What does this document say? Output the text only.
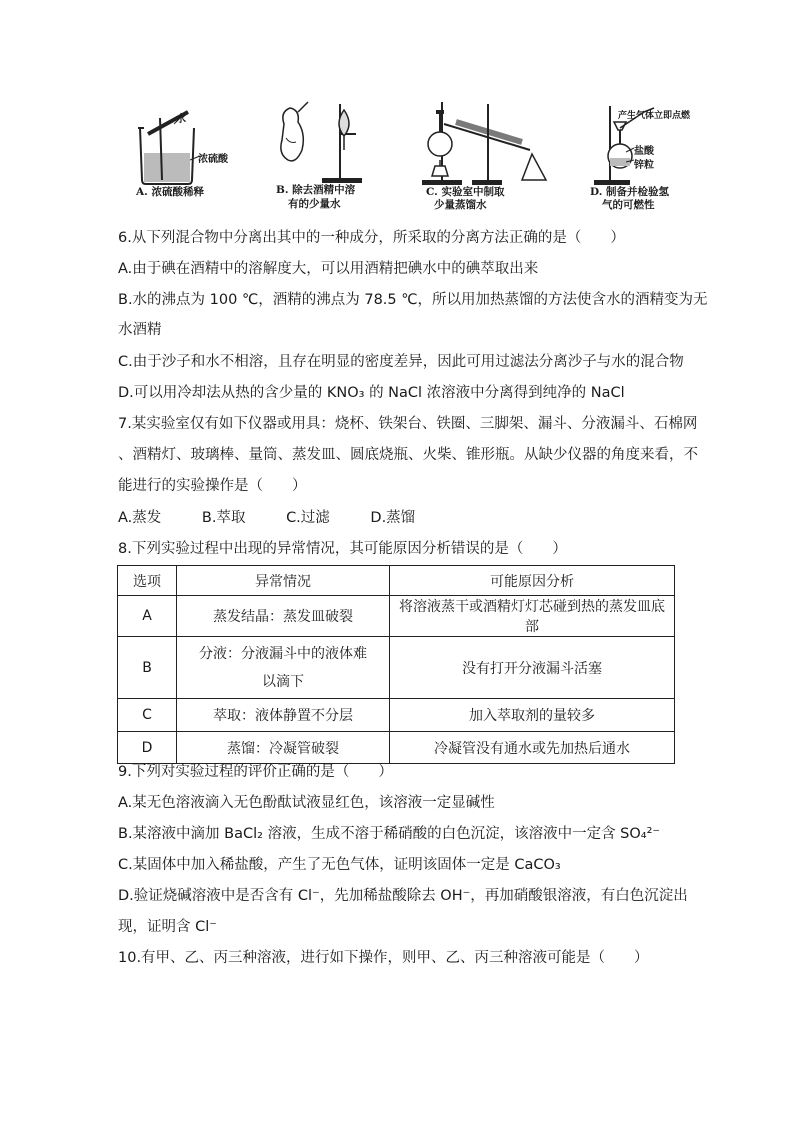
水
浓硫酸
A. 浓硫酸稀释	B. 除去酒精中溶
有的少量水
C. 实验室中制取
少量蒸馏水
产生气体立即点燃
盐酸
锌粒
D. 制备并检验氢
气的可燃性
6.从下列混合物中分离出其中的一种成分，所采取的分离方法正确的是（　　）
A.由于碘在酒精中的溶解度大，可以用酒精把碘水中的碘萃取出来
B.水的沸点为 100 ℃，酒精的沸点为 78.5 ℃，所以用加热蒸馏的方法使含水的酒精变为无
水酒精
C.由于沙子和水不相溶，且存在明显的密度差异，因此可用过滤法分离沙子与水的混合物
D.可以用冷却法从热的含少量的 KNO₃ 的 NaCl 浓溶液中分离得到纯净的 NaCl
7.某实验室仅有如下仪器或用具：烧杯、铁架台、铁圈、三脚架、漏斗、分液漏斗、石棉网
、酒精灯、玻璃棒、量筒、蒸发皿、圆底烧瓶、火柴、锥形瓶。从缺少仪器的角度来看，不
能进行的实验操作是（　　）
A.蒸发	B.萃取	C.过滤	D.蒸馏
8.下列实验过程中出现的异常情况，其可能原因分析错误的是（　　）
选项	异常情况	可能原因分析
A	蒸发结晶：蒸发皿破裂	将溶液蒸干或酒精灯灯芯碰到热的蒸发皿底部
B	分液：分液漏斗中的液体难以滴下	没有打开分液漏斗活塞
C	萃取：液体静置不分层	加入萃取剂的量较多
D	蒸馏：冷凝管破裂	冷凝管没有通水或先加热后通水
9.下列对实验过程的评价正确的是（　　）
A.某无色溶液滴入无色酚酞试液显红色，该溶液一定显碱性
B.某溶液中滴加 BaCl₂ 溶液，生成不溶于稀硝酸的白色沉淀，该溶液中一定含 SO₄²⁻
C.某固体中加入稀盐酸，产生了无色气体，证明该固体一定是 CaCO₃
D.验证烧碱溶液中是否含有 Cl⁻，先加稀盐酸除去 OH⁻，再加硝酸银溶液，有白色沉淀出
现，证明含 Cl⁻
10.有甲、乙、丙三种溶液，进行如下操作，则甲、乙、丙三种溶液可能是（　　）
